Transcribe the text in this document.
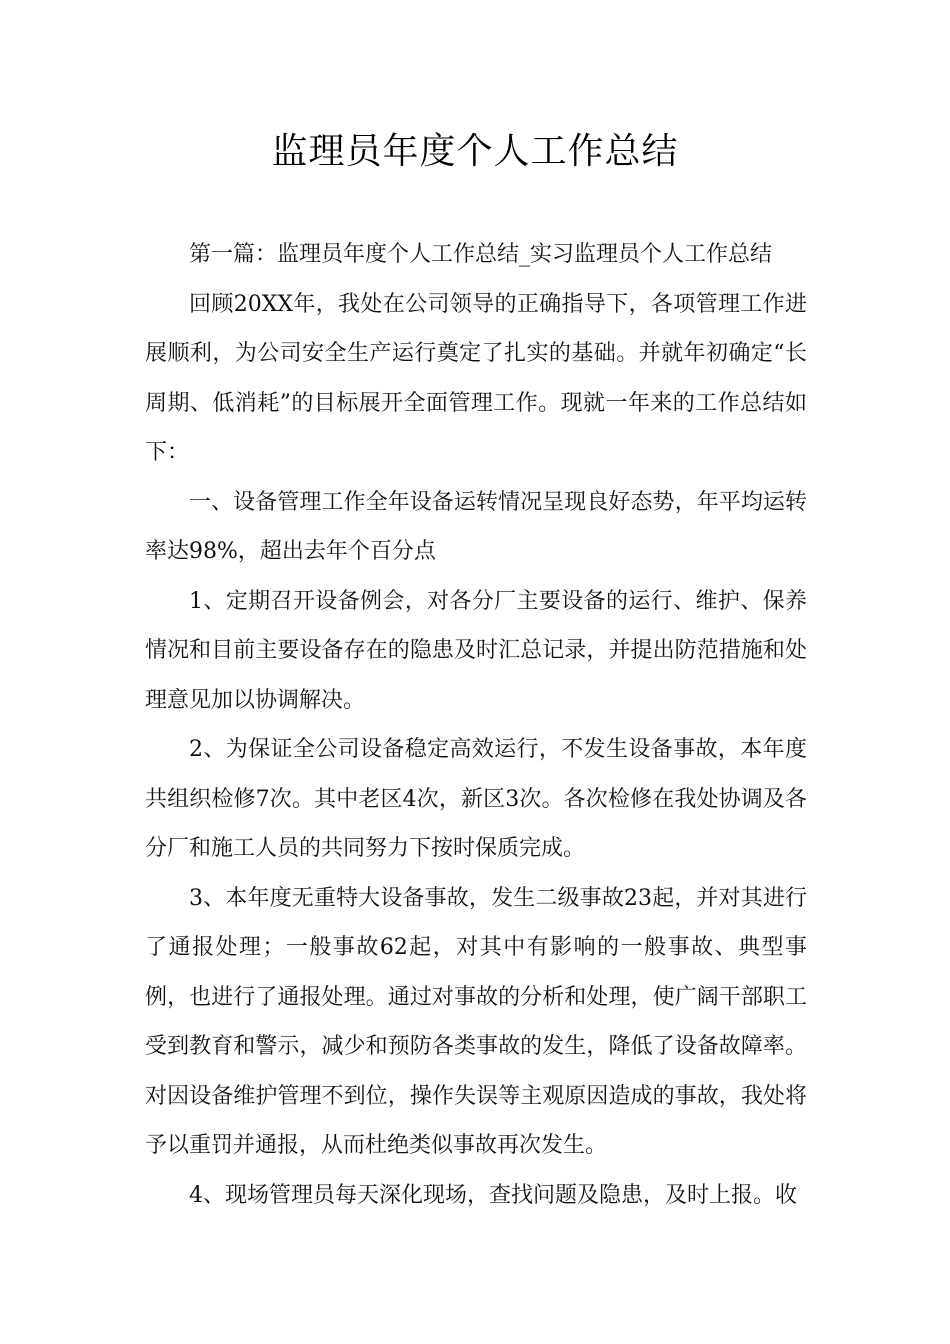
监理员年度个人工作总结

第一篇：监理员年度个人工作总结_实习监理员个人工作总结

回顾20XX年，我处在公司领导的正确指导下，各项管理工作进展顺利，为公司安全生产运行奠定了扎实的基础。并就年初确定“长周期、低消耗”的目标展开全面管理工作。现就一年来的工作总结如下：

一、设备管理工作全年设备运转情况呈现良好态势，年平均运转率达98%，超出去年个百分点

1、定期召开设备例会，对各分厂主要设备的运行、维护、保养情况和目前主要设备存在的隐患及时汇总记录，并提出防范措施和处理意见加以协调解决。

2、为保证全公司设备稳定高效运行，不发生设备事故，本年度共组织检修7次。其中老区4次，新区3次。各次检修在我处协调及各分厂和施工人员的共同努力下按时保质完成。

3、本年度无重特大设备事故，发生二级事故23起，并对其进行了通报处理；一般事故62起，对其中有影响的一般事故、典型事例，也进行了通报处理。通过对事故的分析和处理，使广阔干部职工受到教育和警示，减少和预防各类事故的发生，降低了设备故障率。对因设备维护管理不到位，操作失误等主观原因造成的事故，我处将予以重罚并通报，从而杜绝类似事故再次发生。

4、现场管理员每天深化现场，查找问题及隐患，及时上报。收
